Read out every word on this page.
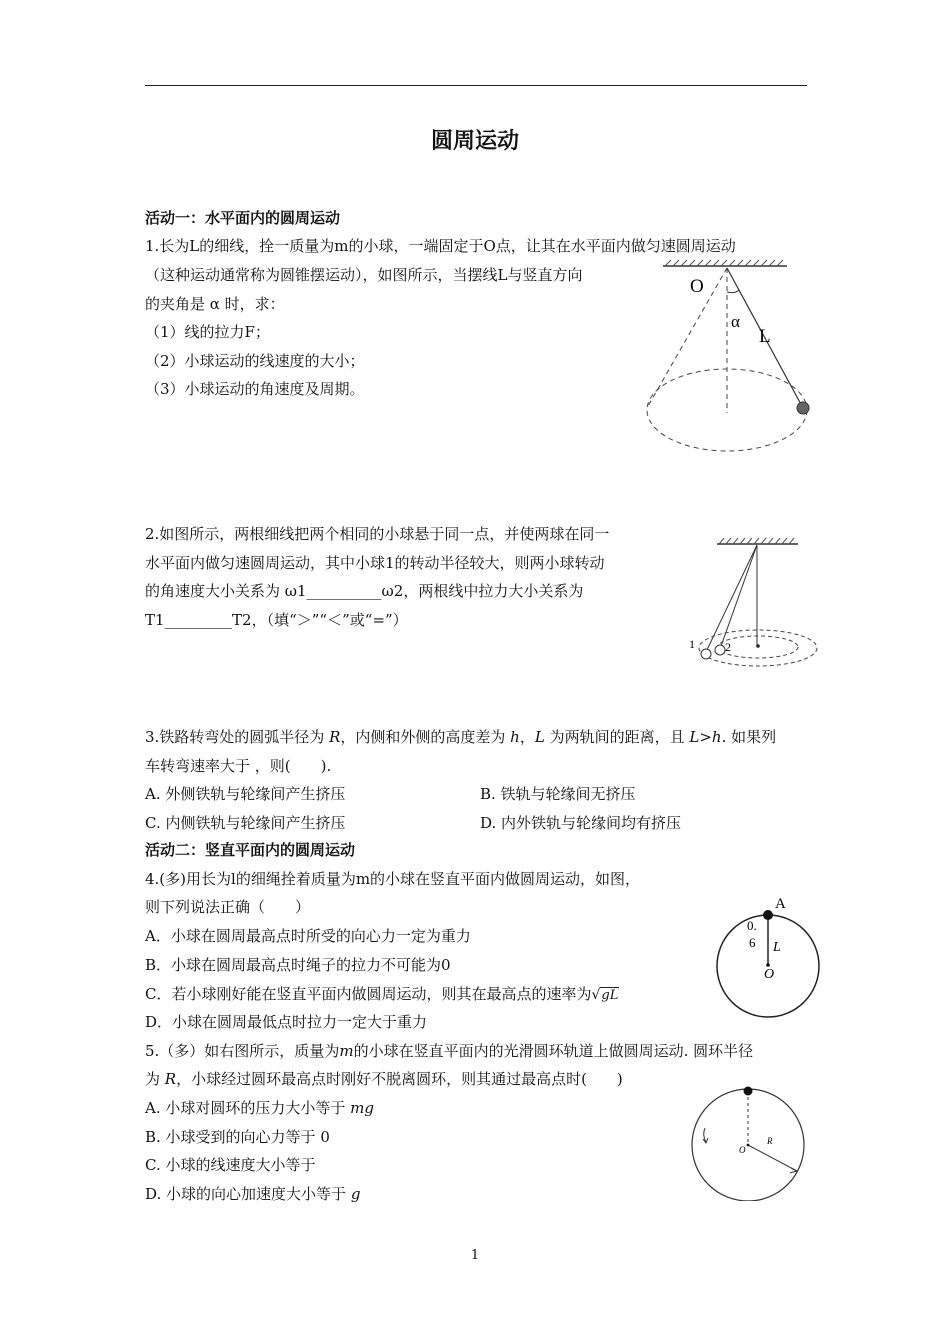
圆周运动
活动一：水平面内的圆周运动
1.长为L的细线，拴一质量为m的小球，一端固定于O点，让其在水平面内做匀速圆周运动
（这种运动通常称为圆锥摆运动），如图所示，当摆线L与竖直方向
的夹角是 α 时，求：
（1）线的拉力F；
（2）小球运动的线速度的大小；
（3）小球运动的角速度及周期。
O
α
L
2.如图所示，两根细线把两个相同的小球悬于同一点，并使两球在同一
水平面内做匀速圆周运动，其中小球1的转动半径较大，则两小球转动
的角速度大小关系为 ω1__________ω2，两根线中拉力大小关系为
T1_________T2，（填“＞”“＜”或“=”）
1	2
3.铁路转弯处的圆弧半径为 R，内侧和外侧的高度差为 h，L 为两轨间的距离，且 L>h. 如果列
车转弯速率大于 ，则(　　).
A. 外侧铁轨与轮缘间产生挤压	B. 铁轨与轮缘间无挤压
C. 内侧铁轨与轮缘间产生挤压	D. 内外铁轨与轮缘间均有挤压
活动二：竖直平面内的圆周运动
4.(多)用长为l的细绳拴着质量为m的小球在竖直平面内做圆周运动，如图，
则下列说法正确（　　）
A．小球在圆周最高点时所受的向心力一定为重力
B．小球在圆周最高点时绳子的拉力不可能为0
C．若小球刚好能在竖直平面内做圆周运动，则其在最高点的速率为√gL
D．小球在圆周最低点时拉力一定大于重力
A
0.
6 L
O
5.（多）如右图所示，质量为m的小球在竖直平面内的光滑圆环轨道上做圆周运动. 圆环半径
为 R，小球经过圆环最高点时刚好不脱离圆环，则其通过最高点时(　　)
A. 小球对圆环的压力大小等于 mg
B. 小球受到的向心力等于 0
C. 小球的线速度大小等于
D. 小球的向心加速度大小等于 g
O
R
1
